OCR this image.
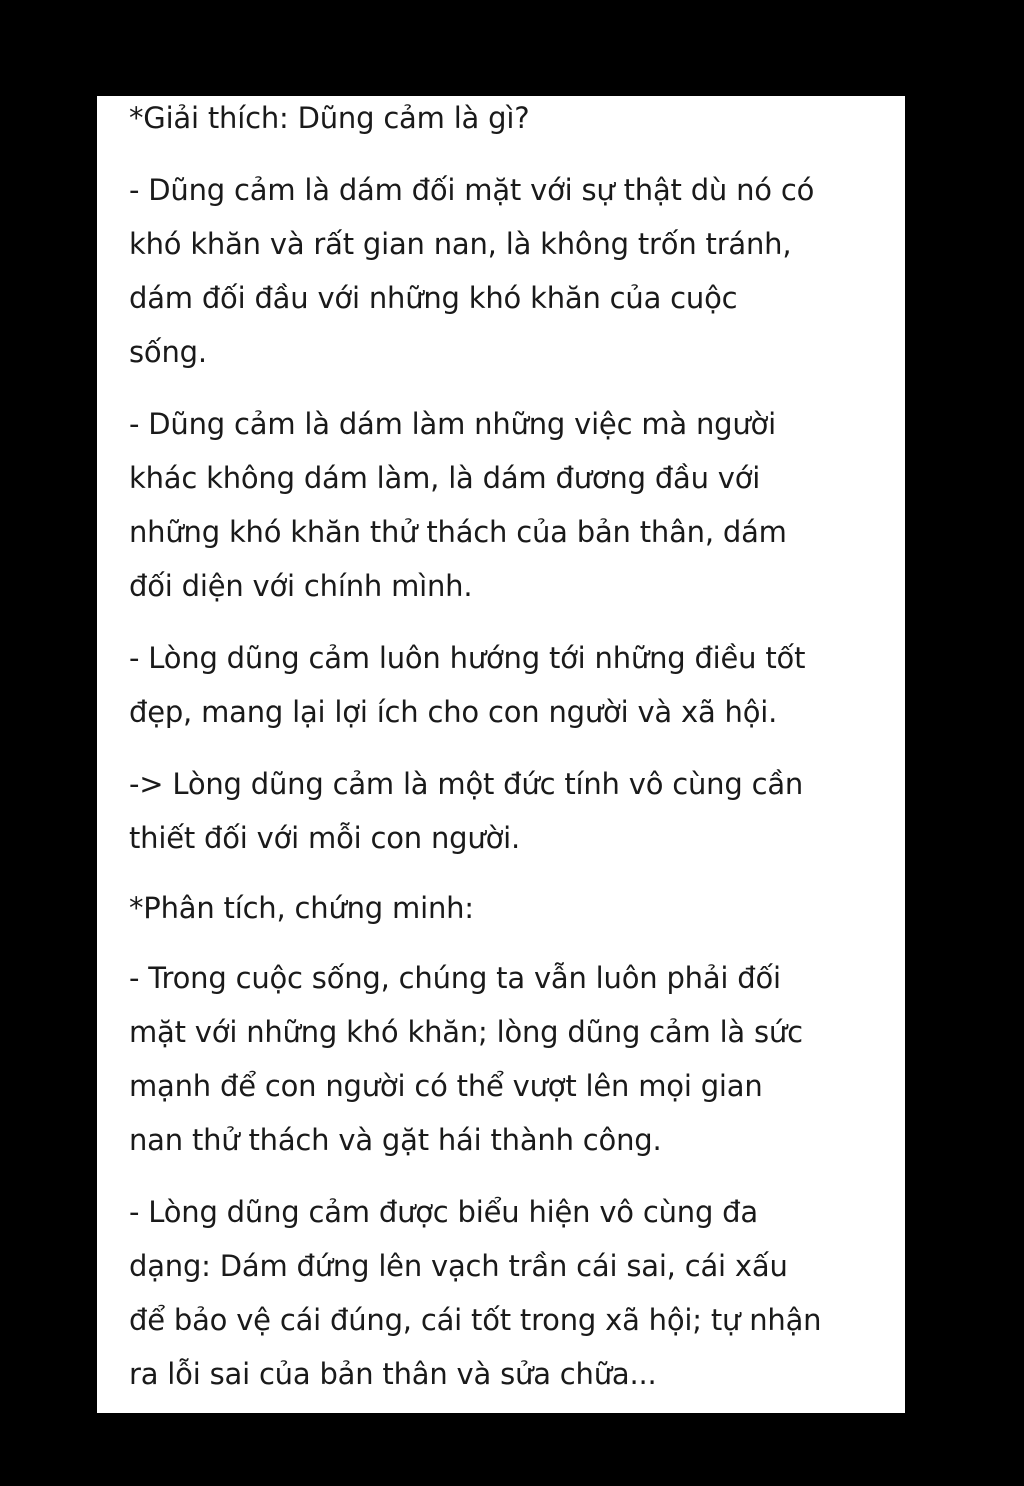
*Giải thích: Dũng cảm là gì?
- Dũng cảm là dám đối mặt với sự thật dù nó có
khó khăn và rất gian nan, là không trốn tránh,
dám đối đầu với những khó khăn của cuộc
sống.
- Dũng cảm là dám làm những việc mà người
khác không dám làm, là dám đương đầu với
những khó khăn thử thách của bản thân, dám
đối diện với chính mình.
- Lòng dũng cảm luôn hướng tới những điều tốt
đẹp, mang lại lợi ích cho con người và xã hội.
-> Lòng dũng cảm là một đức tính vô cùng cần
thiết đối với mỗi con người.
*Phân tích, chứng minh:
- Trong cuộc sống, chúng ta vẫn luôn phải đối
mặt với những khó khăn; lòng dũng cảm là sức
mạnh để con người có thể vượt lên mọi gian
nan thử thách và gặt hái thành công.
- Lòng dũng cảm được biểu hiện vô cùng đa
dạng: Dám đứng lên vạch trần cái sai, cái xấu
để bảo vệ cái đúng, cái tốt trong xã hội; tự nhận
ra lỗi sai của bản thân và sửa chữa...
